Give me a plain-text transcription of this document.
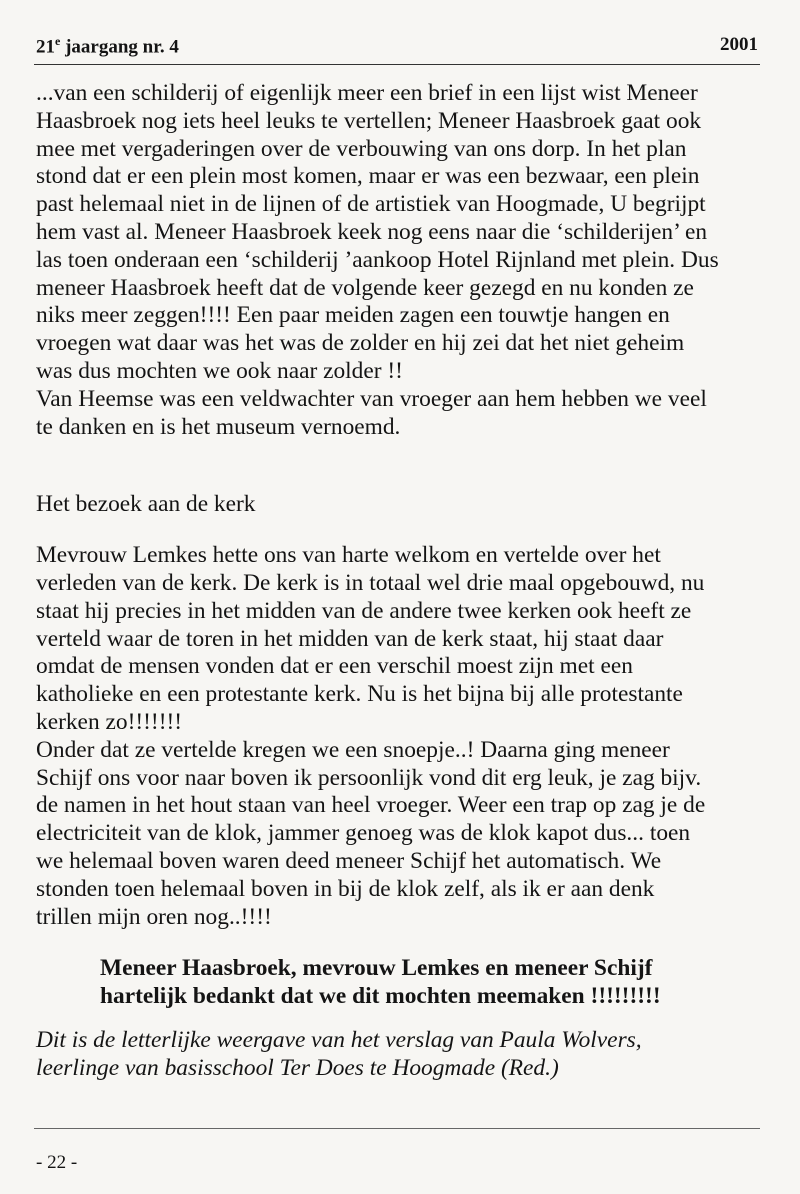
21e jaargang nr. 4	2001

...van een schilderij of eigenlijk meer een brief in een lijst wist Meneer
Haasbroek nog iets heel leuks te vertellen; Meneer Haasbroek gaat ook
mee met vergaderingen over de verbouwing van ons dorp. In het plan
stond dat er een plein most komen, maar er was een bezwaar, een plein
past helemaal niet in de lijnen of de artistiek van Hoogmade, U begrijpt
hem vast al. Meneer Haasbroek keek nog eens naar die ‘schilderijen’ en
las toen onderaan een ‘schilderij ’aankoop Hotel Rijnland met plein. Dus
meneer Haasbroek heeft dat de volgende keer gezegd en nu konden ze
niks meer zeggen!!!! Een paar meiden zagen een touwtje hangen en
vroegen wat daar was het was de zolder en hij zei dat het niet geheim
was dus mochten we ook naar zolder !!

Van Heemse was een veldwachter van vroeger aan hem hebben we veel
te danken en is het museum vernoemd.

Het bezoek aan de kerk

Mevrouw Lemkes hette ons van harte welkom en vertelde over het
verleden van de kerk. De kerk is in totaal wel drie maal opgebouwd, nu
staat hij precies in het midden van de andere twee kerken ook heeft ze
verteld waar de toren in het midden van de kerk staat, hij staat daar
omdat de mensen vonden dat er een verschil moest zijn met een
katholieke en een protestante kerk. Nu is het bijna bij alle protestante
kerken zo!!!!!!!

Onder dat ze vertelde kregen we een snoepje..! Daarna ging meneer
Schijf ons voor naar boven ik persoonlijk vond dit erg leuk, je zag bijv.
de namen in het hout staan van heel vroeger. Weer een trap op zag je de
electriciteit van de klok, jammer genoeg was de klok kapot dus... toen
we helemaal boven waren deed meneer Schijf het automatisch. We
stonden toen helemaal boven in bij de klok zelf, als ik er aan denk
trillen mijn oren nog..!!!!

Meneer Haasbroek, mevrouw Lemkes en meneer Schijf
hartelijk bedankt dat we dit mochten meemaken !!!!!!!!!

Dit is de letterlijke weergave van het verslag van Paula Wolvers,
leerlinge van basisschool Ter Does te Hoogmade (Red.)

- 22 -
